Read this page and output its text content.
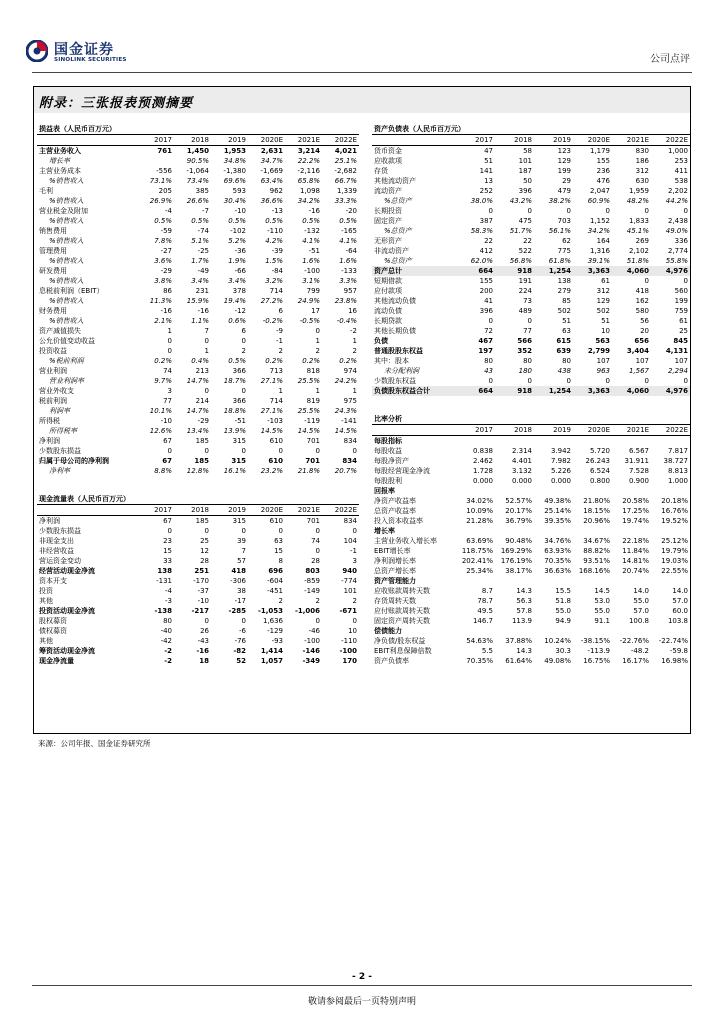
国金证券
SINOLINK SECURITIES	公司点评
附录：三张报表预测摘要

损益表（人民币百万元）						
	2017	2018	2019	2020E	2021E	2022E
主营业务收入	761	1,450	1,953	2,631	3,214	4,021
增长率		90.5%	34.8%	34.7%	22.2%	25.1%
主营业务成本	-556	-1,064	-1,380	-1,669	-2,116	-2,682
%销售收入	73.1%	73.4%	69.6%	63.4%	65.8%	66.7%
毛利	205	385	593	962	1,098	1,339
%销售收入	26.9%	26.6%	30.4%	36.6%	34.2%	33.3%
营业税金及附加	-4	-7	-10	-13	-16	-20
%销售收入	0.5%	0.5%	0.5%	0.5%	0.5%	0.5%
销售费用	-59	-74	-102	-110	-132	-165
%销售收入	7.8%	5.1%	5.2%	4.2%	4.1%	4.1%
管理费用	-27	-25	-36	-39	-51	-64
%销售收入	3.6%	1.7%	1.9%	1.5%	1.6%	1.6%
研发费用	-29	-49	-66	-84	-100	-133
%销售收入	3.8%	3.4%	3.4%	3.2%	3.1%	3.3%
息税前利润（EBIT）	86	231	378	714	799	957
%销售收入	11.3%	15.9%	19.4%	27.2%	24.9%	23.8%
财务费用	-16	-16	-12	6	17	16
%销售收入	2.1%	1.1%	0.6%	-0.2%	-0.5%	-0.4%
资产减值损失	1	7	6	-9	0	-2
公允价值变动收益	0	0	0	-1	1	1
投资收益	0	1	2	2	2	2
%税前利润	0.2%	0.4%	0.5%	0.2%	0.2%	0.2%
营业利润	74	213	366	713	818	974
营业利润率	9.7%	14.7%	18.7%	27.1%	25.5%	24.2%
营业外收支	3	0	0	1	1	1
税前利润	77	214	366	714	819	975
利润率	10.1%	14.7%	18.8%	27.1%	25.5%	24.3%
所得税	-10	-29	-51	-103	-119	-141
所得税率	12.6%	13.4%	13.9%	14.5%	14.5%	14.5%
净利润	67	185	315	610	701	834
少数股东损益	0	0	0	0	0	0
归属于母公司的净利润	67	185	315	610	701	834
净利率	8.8%	12.8%	16.1%	23.2%	21.8%	20.7%

现金流量表（人民币百万元）						
	2017	2018	2019	2020E	2021E	2022E
净利润	67	185	315	610	701	834
少数股东损益	0	0	0	0	0	0
非现金支出	23	25	39	63	74	104
非经营收益	15	12	7	15	0	-1
营运资金变动	33	28	57	8	28	3
经营活动现金净流	138	251	418	696	803	940
资本开支	-131	-170	-306	-604	-859	-774
投资	-4	-37	38	-451	-149	101
其他	-3	-10	-17	2	2	2
投资活动现金净流	-138	-217	-285	-1,053	-1,006	-671
股权募资	80	0	0	1,636	0	0
债权募资	-40	26	-6	-129	-46	10
其他	-42	-43	-76	-93	-100	-110
筹资活动现金净流	-2	-16	-82	1,414	-146	-100
现金净流量	-2	18	52	1,057	-349	170

资产负债表（人民币百万元）						
	2017	2018	2019	2020E	2021E	2022E
货币资金	47	58	123	1,179	830	1,000
应收款项	51	101	129	155	186	253
存货	141	187	199	236	312	411
其他流动资产	13	50	29	476	630	538
流动资产	252	396	479	2,047	1,959	2,202
%总资产	38.0%	43.2%	38.2%	60.9%	48.2%	44.2%
长期投资	0	0	0	0	0	0
固定资产	387	475	703	1,152	1,833	2,438
%总资产	58.3%	51.7%	56.1%	34.2%	45.1%	49.0%
无形资产	22	22	62	164	269	336
非流动资产	412	522	775	1,316	2,102	2,774
%总资产	62.0%	56.8%	61.8%	39.1%	51.8%	55.8%
资产总计	664	918	1,254	3,363	4,060	4,976
短期借款	155	191	138	61	0	0
应付款项	200	224	279	312	418	560
其他流动负债	41	73	85	129	162	199
流动负债	396	489	502	502	580	759
长期贷款	0	0	51	51	56	61
其他长期负债	72	77	63	10	20	25
负债	467	566	615	563	656	845
普通股股东权益	197	352	639	2,799	3,404	4,131
其中：股本	80	80	80	107	107	107
未分配利润	43	180	438	963	1,567	2,294
少数股东权益	0	0	0	0	0	0
负债股东权益合计	664	918	1,254	3,363	4,060	4,976

比率分析						
	2017	2018	2019	2020E	2021E	2022E
每股指标						
每股收益	0.838	2.314	3.942	5.720	6.567	7.817
每股净资产	2.462	4.401	7.982	26.243	31.911	38.727
每股经营现金净流	1.728	3.132	5.226	6.524	7.528	8.813
每股股利	0.000	0.000	0.000	0.800	0.900	1.000
回报率						
净资产收益率	34.02%	52.57%	49.38%	21.80%	20.58%	20.18%
总资产收益率	10.09%	20.17%	25.14%	18.15%	17.25%	16.76%
投入资本收益率	21.28%	36.79%	39.35%	20.96%	19.74%	19.52%
增长率						
主营业务收入增长率	63.69%	90.48%	34.76%	34.67%	22.18%	25.12%
EBIT增长率	118.75%	169.29%	63.93%	88.82%	11.84%	19.79%
净利润增长率	202.41%	176.19%	70.35%	93.51%	14.81%	19.03%
总资产增长率	25.34%	38.17%	36.63%	168.16%	20.74%	22.55%
资产管理能力						
应收账款周转天数	8.7	14.3	15.5	14.5	14.0	14.0
存货周转天数	78.7	56.3	51.8	53.0	55.0	57.0
应付账款周转天数	49.5	57.8	55.0	55.0	57.0	60.0
固定资产周转天数	146.7	113.9	94.9	91.1	100.8	103.8
偿债能力						
净负债/股东权益	54.63%	37.88%	10.24%	-38.15%	-22.76%	-22.74%
EBIT利息保障倍数	5.5	14.3	30.3	-113.9	-48.2	-59.8
资产负债率	70.35%	61.64%	49.08%	16.75%	16.17%	16.98%
来源：公司年报、国金证券研究所
- 2 -
敬请参阅最后一页特别声明
